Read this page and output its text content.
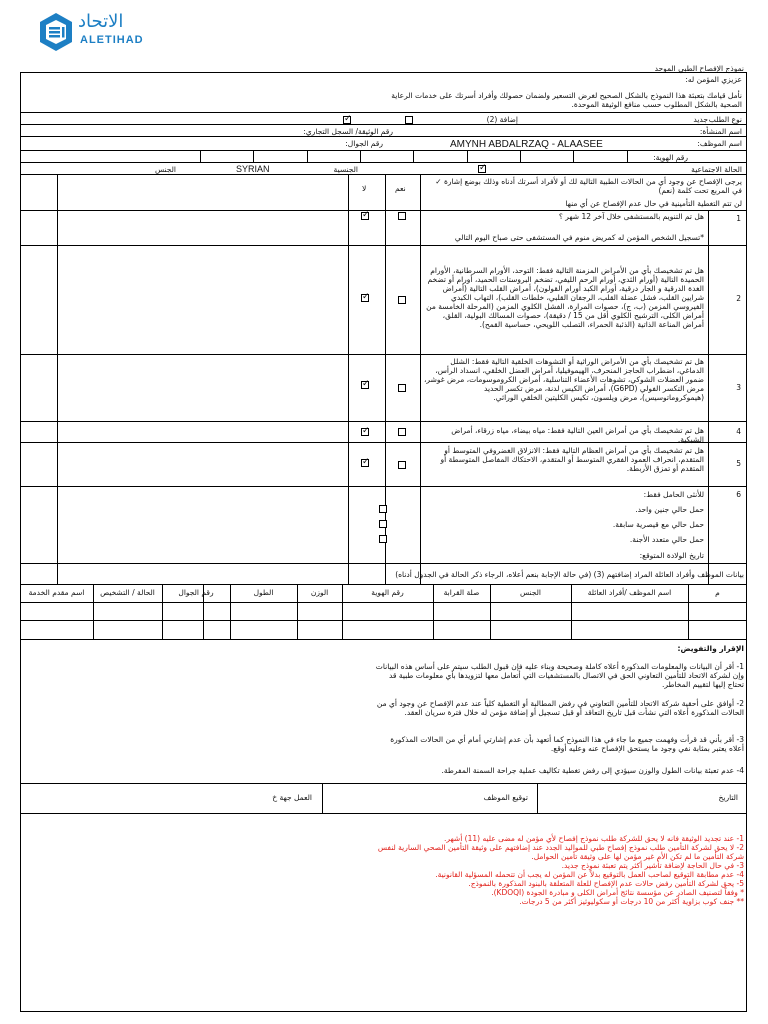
الاتحاد
ALETIHAD
نموذج الإفصاح الطبي الموحد
عزيزي المؤمن له:
نأمل قيامك بتعبئة هذا النموذج بالشكل الصحيح لغرض التسعير ولضمان حصولك وأفراد أسرتك على خدمات الرعاية الصحية بالشكل المطلوب حسب منافع الوثيقة الموحدة.
نوع الطلب
جديد
إضافة (2)
✓
اسم المنشأة:
رقم الوثيقة/ السجل التجاري:
اسم الموظف:
AMYNH ABDALRZAQ - ALAASEE
رقم الجوال:
رقم الهوية:
الجنسية
SYRIAN
الجنس	الحالة الاجتماعية
✓
يرجى الإفصاح عن وجود أي من الحالات الطبية التالية لك أو لأفراد أسرتك أدناه وذلك بوضع إشارة ✓ في المربع تحت كلمة (نعم)
لن تتم التغطية التأمينية في حال عدم الإفصاح عن أي منها
نعم
لا
1
هل تم التنويم بالمستشفى خلال آخر 12 شهر ؟
*تسجيل الشخص المؤمن له كمريض منوم في المستشفى حتى صباح اليوم التالي
✓
2
هل تم تشخيصك بأي من الأمراض المزمنة التالية فقط: التوحد، الأورام السرطانية، الأورام الحميدة التالية (أورام الثدي، أورام الرحم الليفي، تضخم البروستات الحميد، أورام أو تضخم الغدة الدرقية و الجار درقية، أورام الكبد أورام القولون)، أمراض القلب التالية (أمراض شرايين القلب، فشل عضلة القلب، الرجفان القلبي، خلطات القلب)، التهاب الكبدي الفيروسي المزمن (ب، ج)، حصوات المرارة، الفشل الكلوي المزمن (المرحلة الخامسة من أمراض الكلى، الترشيح الكلوي أقل من 15 / دقيقة)، حصوات المسالك البولية، القلق، أمراض المناعة الذاتية (الذئبة الحمراء، التصلب اللويحي، حساسية القمح).
✓
3
هل تم تشخيصك بأي من الأمراض الوراثية أو التشوهات الخلقية التالية فقط: الشلل الدماغي، اضطراب الحاجز المنحرف، الهيموفيليا، أمراض العضل الخلقي، انسداد الرأس، ضمور العضلات الشوكي، تشوهات الأعضاء التناسلية، أمراض الكروموسومات، مرض غوشر، مرض التكسر الفولي (G6PD)، أمراض الكيس لدنة، مرض تكسر الحديد (هيموكروماتوسيس)، مرض ويلسون، تكيس الكليتين الخلقي الوراثي.
✓
4
هل تم تشخيصك بأي من أمراض العين التالية فقط: مياه بيضاء، مياه زرقاء، أمراض الشبكية.
✓
5
هل تم تشخيصك بأي من أمراض العظام التالية فقط: الانزلاق الغضروفي المتوسط أو المتقدم، انحراف العمود الفقري المتوسط أو المتقدم، الاحتكاك المفاصل المتوسطة أو المتقدم أو تمزق الأربطة.
✓
6
للأنثى الحامل فقط:
حمل حالي جنين واحد.
حمل حالي مع قيصرية سابقة.
حمل حالي متعدد الأجنة.
تاريخ الولادة المتوقع:
بيانات الموظف وأفراد العائلة المراد إضافتهم (3) (في حالة الإجابة بنعم أعلاه، الرجاء ذكر الحالة في الجدول أدناه)
م
اسم الموظف /أفراد العائلة
الجنس
صلة القرابة
رقم الهوية
الوزن
الطول
رقم الجوال
الحالة / التشخيص
اسم مقدم الخدمة
الإقرار والتفويض:
1- أقر أن البيانات والمعلومات المذكورة أعلاه كاملة وصحيحة وبناء عليه فإن قبول الطلب سيتم على أساس هذه البيانات وإن لشركة الاتحاد للتأمين التعاوني الحق في الاتصال بالمستشفيات التي أتعامل معها لتزويدها بأي معلومات طبية قد تحتاج إليها لتقييم المخاطر.
2- أوافق على أحقية شركة الاتحاد للتأمين التعاوني في رفض المطالبة أو التغطية كلياً عند عدم الإفصاح عن وجود أي من الحالات المذكورة أعلاه التي نشأت قبل تاريخ التعاقد أو قبل تسجيل أو إضافة مؤمن له خلال فترة سريان العقد.
3- أقر بأني قد قرأت وفهمت جميع ما جاء في هذا النموذج كما أتعهد بأن عدم إشارتي أمام أي من الحالات المذكورة أعلاه يعتبر بمثابة نفي وجود ما يستحق الإفصاح عنه وعليه أوقع.
4- عدم تعبئة بيانات الطول والوزن سيؤدي إلى رفض تغطية تكاليف عملية جراحة السمنة المفرطة.
التاريخ
توقيع الموظف
العمل جهة خ
1- عند تجديد الوثيقة فانه لا يحق للشركة طلب نموذج إفصاح لأي مؤمن له مضى عليه (11) أشهر.
2- لا يحق لشركة التأمين طلب نموذج إفصاح طبي للمواليد الجدد عند إضافتهم على وثيقة التأمين الصحي السارية لنفس شركة التأمين ما لم تكن الأم غير مؤمن لها على وثيقة تأمين الحوامل.
3- في حال الحاجة لإضافة تأشير أكثر يتم تعبئة نموذج جديد.
4- عدم مطابقة التوقيع لصاحب العمل بالتوقيع بدلاً عن المؤمن له يجب أن تتحمله المسؤلية القانونية.
5- يحق لشركة التأمين رفض حالات عدم الإفصاح للعلة المتعلقة بالبنود المذكورة بالنموذج.
* وفقاً لتصنيف الصادر عن مؤسسة نتائج أمراض الكلى و مبادرة الجودة (KDOQI).
** جنف كوب بزاوية أكثر من 10 درجات أو سكوليوثيز أكثر من 5 درجات.
